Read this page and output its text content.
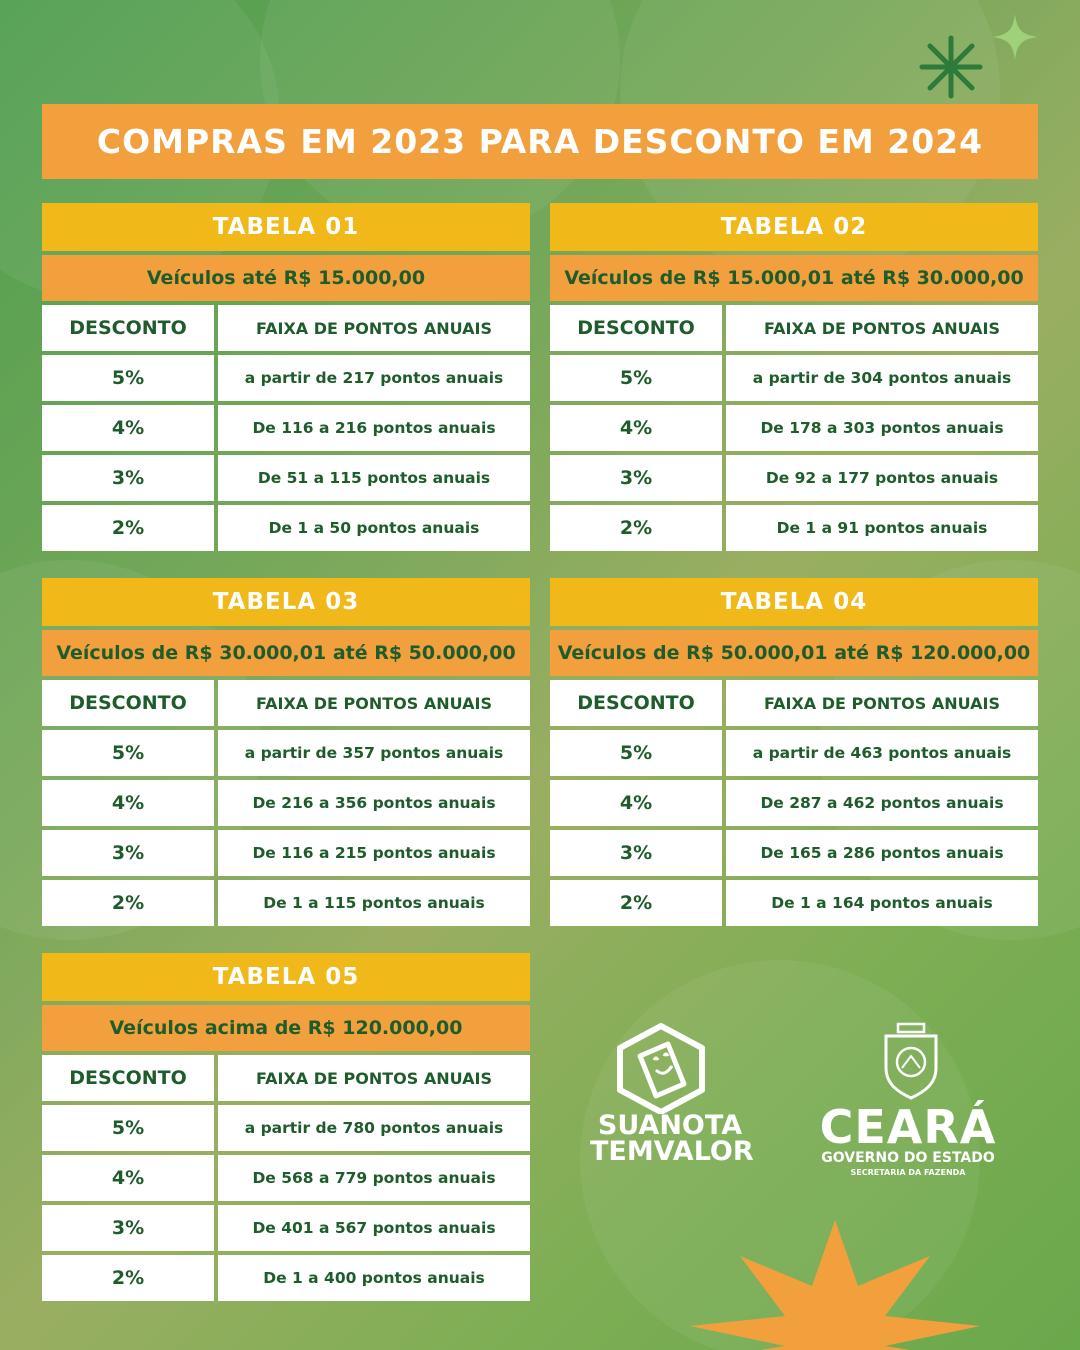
COMPRAS EM 2023 PARA DESCONTO EM 2024
TABELA 01
Veículos até R$ 15.000,00
DESCONTO	FAIXA DE PONTOS ANUAIS
5%	a partir de 217 pontos anuais
4%	De 116 a 216 pontos anuais
3%	De 51 a 115 pontos anuais
2%	De 1 a 50 pontos anuais
TABELA 02
Veículos de R$ 15.000,01 até R$ 30.000,00
DESCONTO	FAIXA DE PONTOS ANUAIS
5%	a partir de 304 pontos anuais
4%	De 178 a 303 pontos anuais
3%	De 92 a 177 pontos anuais
2%	De 1 a 91 pontos anuais
TABELA 03
Veículos de R$ 30.000,01 até R$ 50.000,00
DESCONTO	FAIXA DE PONTOS ANUAIS
5%	a partir de 357 pontos anuais
4%	De 216 a 356 pontos anuais
3%	De 116 a 215 pontos anuais
2%	De 1 a 115 pontos anuais
TABELA 04
Veículos de R$ 50.000,01 até R$ 120.000,00
DESCONTO	FAIXA DE PONTOS ANUAIS
5%	a partir de 463 pontos anuais
4%	De 287 a 462 pontos anuais
3%	De 165 a 286 pontos anuais
2%	De 1 a 164 pontos anuais
TABELA 05
Veículos acima de R$ 120.000,00
DESCONTO	FAIXA DE PONTOS ANUAIS
5%	a partir de 780 pontos anuais
4%	De 568 a 779 pontos anuais
3%	De 401 a 567 pontos anuais
2%	De 1 a 400 pontos anuais
SUANOTA
TEMVALOR CEARÁ
GOVERNO DO ESTADO
SECRETARIA DA FAZENDA
